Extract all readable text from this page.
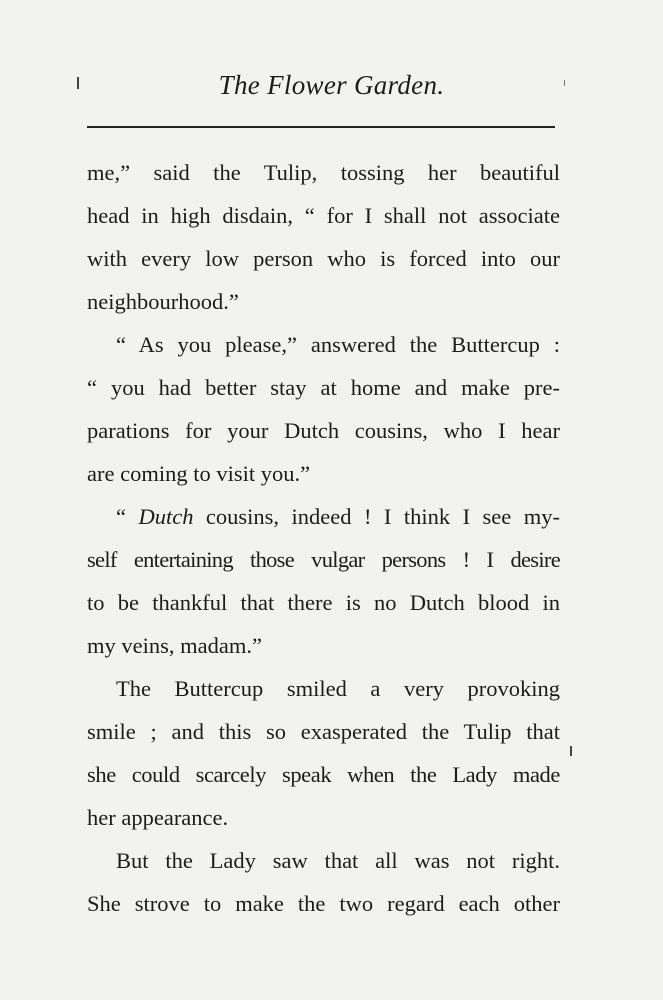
The Flower Garden.
me,” said the Tulip, tossing her beautiful
head in high disdain, “ for I shall not associate
with every low person who is forced into our
neighbourhood.”
“ As you please,” answered the Buttercup :
“ you had better stay at home and make pre-
parations for your Dutch cousins, who I hear
are coming to visit you.”
“ Dutch cousins, indeed ! I think I see my-
self entertaining those vulgar persons ! I desire
to be thankful that there is no Dutch blood in
my veins, madam.”
The Buttercup smiled a very provoking
smile ; and this so exasperated the Tulip that
she could scarcely speak when the Lady made
her appearance.
But the Lady saw that all was not right.
She strove to make the two regard each other
